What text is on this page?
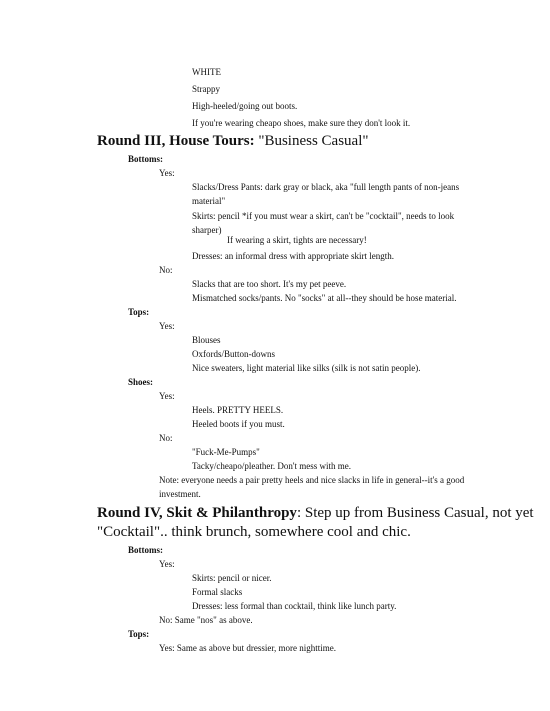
WHITE
Strappy
High-heeled/going out boots.
If you're wearing cheapo shoes, make sure they don't look it.
Round III, House Tours: "Business Casual"
Bottoms:
Yes:
Slacks/Dress Pants: dark gray or black, aka "full length pants of non-jeans
material"
Skirts: pencil *if you must wear a skirt, can't be "cocktail", needs to look
sharper)
If wearing a skirt, tights are necessary!
Dresses: an informal dress with appropriate skirt length.
No:
Slacks that are too short. It's my pet peeve.
Mismatched socks/pants. No "socks" at all--they should be hose material.
Tops:
Yes:
Blouses
Oxfords/Button-downs
Nice sweaters, light material like silks (silk is not satin people).
Shoes:
Yes:
Heels. PRETTY HEELS.
Heeled boots if you must.
No:
"Fuck-Me-Pumps"
Tacky/cheapo/pleather. Don't mess with me.
Note: everyone needs a pair pretty heels and nice slacks in life in general--it's a good
investment.
Round IV, Skit & Philanthropy: Step up from Business Casual, not yet
"Cocktail".. think brunch, somewhere cool and chic.
Bottoms:
Yes:
Skirts: pencil or nicer.
Formal slacks
Dresses: less formal than cocktail, think like lunch party.
No: Same "nos" as above.
Tops:
Yes: Same as above but dressier, more nighttime.
